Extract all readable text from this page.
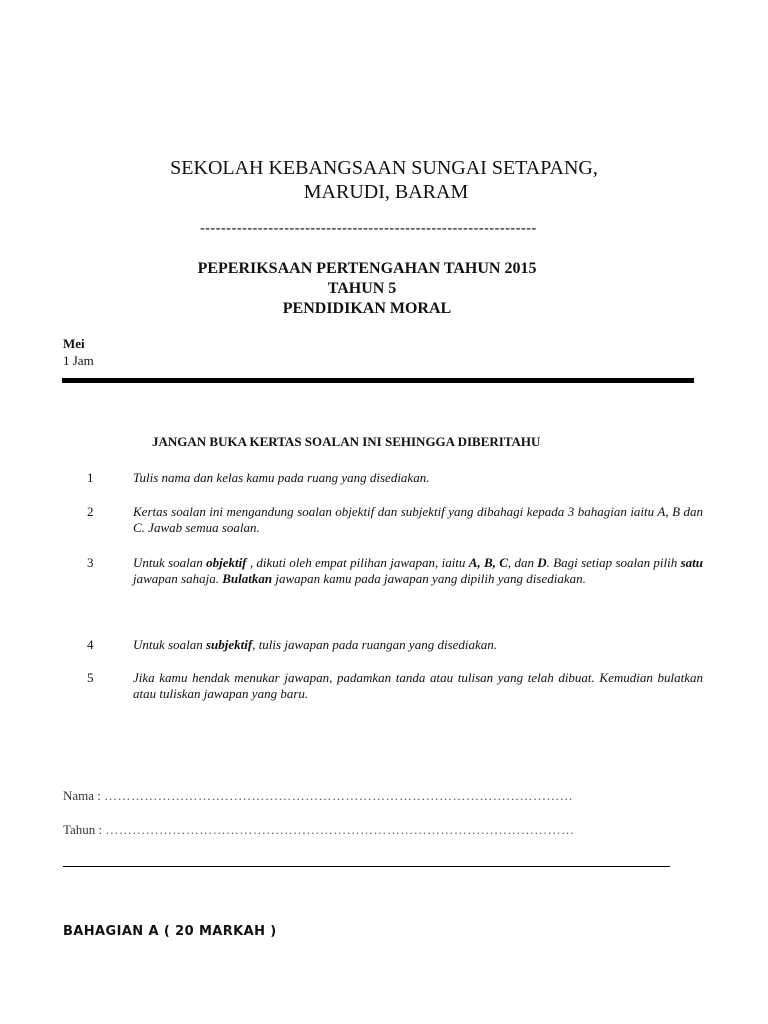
SEKOLAH KEBANGSAAN SUNGAI SETAPANG,
MARUDI, BARAM
----------------------------------------------------------------
PEPERIKSAAN PERTENGAHAN TAHUN 2015
TAHUN 5
PENDIDIKAN MORAL
Mei
1 Jam
JANGAN BUKA KERTAS SOALAN INI SEHINGGA DIBERITAHU
1	Tulis nama dan kelas kamu pada ruang yang disediakan.
2	Kertas soalan ini mengandung soalan objektif dan subjektif yang dibahagi kepada 3 bahagian iaitu A, B dan C. Jawab semua soalan.
3	Untuk soalan objektif , dikuti oleh empat pilihan jawapan, iaitu A, B, C, dan D. Bagi setiap soalan pilih satu jawapan sahaja. Bulatkan jawapan kamu pada jawapan yang dipilih yang disediakan.
4	Untuk soalan subjektif, tulis jawapan pada ruangan yang disediakan.
5	Jika kamu hendak menukar jawapan, padamkan tanda atau tulisan yang telah dibuat. Kemudian bulatkan atau tuliskan jawapan yang baru.
Nama : ……………………………………………………………………………………………
Tahun : ……………………………………………………………………………………………
BAHAGIAN A ( 20 MARKAH )
